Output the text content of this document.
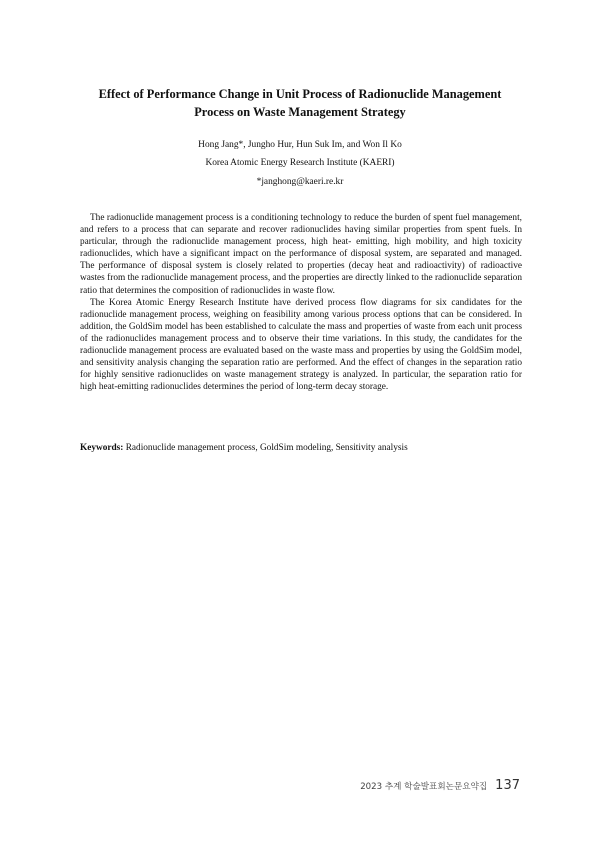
Effect of Performance Change in Unit Process of Radionuclide Management
Process on Waste Management Strategy

Hong Jang*, Jungho Hur, Hun Suk Im, and Won Il Ko

Korea Atomic Energy Research Institute (KAERI)

*janghong@kaeri.re.kr

The radionuclide management process is a conditioning technology to reduce the burden of spent fuel management, and refers to a process that can separate and recover radionuclides having similar properties from spent fuels. In particular, through the radionuclide management process, high heat- emitting, high mobility, and high toxicity radionuclides, which have a significant impact on the performance of disposal system, are separated and managed. The performance of disposal system is closely related to properties (decay heat and radioactivity) of radioactive wastes from the radionuclide management process, and the properties are directly linked to the radionuclide separation ratio that determines the composition of radionuclides in waste flow.

The Korea Atomic Energy Research Institute have derived process flow diagrams for six candidates for the radionuclide management process, weighing on feasibility among various process options that can be considered. In addition, the GoldSim model has been established to calculate the mass and properties of waste from each unit process of the radionuclides management process and to observe their time variations. In this study, the candidates for the radionuclide management process are evaluated based on the waste mass and properties by using the GoldSim model, and sensitivity analysis changing the separation ratio are performed. And the effect of changes in the separation ratio for highly sensitive radionuclides on waste management strategy is analyzed. In particular, the separation ratio for high heat-emitting radionuclides determines the period of long-term decay storage.

Keywords: Radionuclide management process, GoldSim modeling, Sensitivity analysis

2023 추계 학술발표회논문요약집 137
